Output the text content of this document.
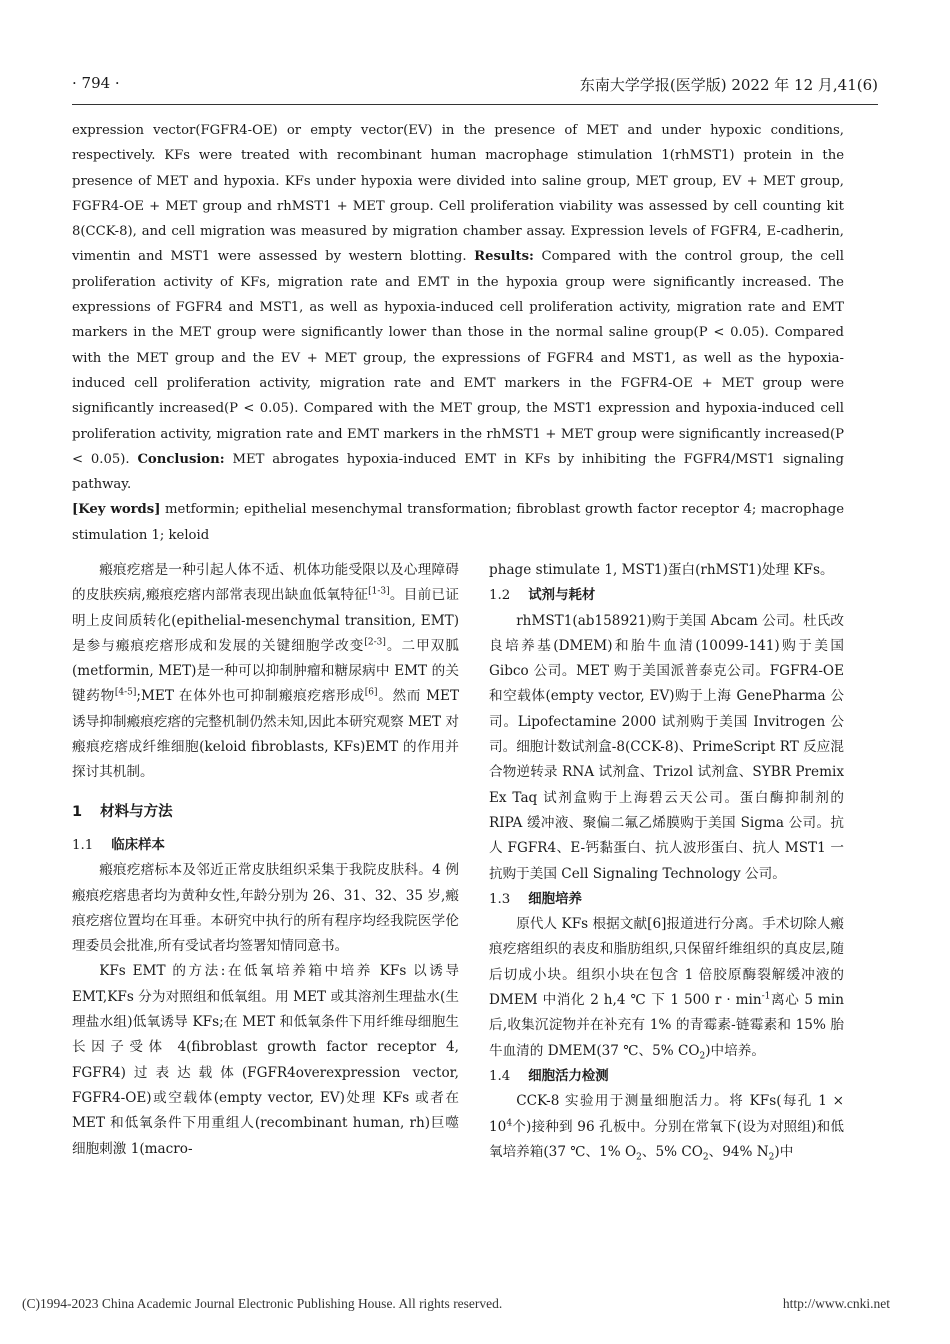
· 794 ·	东南大学学报(医学版) 2022 年 12 月,41(6)

expression vector(FGFR4-OE) or empty vector(EV) in the presence of MET and under hypoxic conditions, respectively. KFs were treated with recombinant human macrophage stimulation 1(rhMST1) protein in the presence of MET and hypoxia. KFs under hypoxia were divided into saline group, MET group, EV + MET group, FGFR4-OE + MET group and rhMST1 + MET group. Cell proliferation viability was assessed by cell counting kit 8(CCK-8), and cell migration was measured by migration chamber assay. Expression levels of FGFR4, E-cadherin, vimentin and MST1 were assessed by western blotting. Results: Compared with the control group, the cell proliferation activity of KFs, migration rate and EMT in the hypoxia group were significantly increased. The expressions of FGFR4 and MST1, as well as hypoxia-induced cell proliferation activity, migration rate and EMT markers in the MET group were significantly lower than those in the normal saline group(P < 0.05). Compared with the MET group and the EV + MET group, the expressions of FGFR4 and MST1, as well as the hypoxia-induced cell proliferation activity, migration rate and EMT markers in the FGFR4-OE + MET group were significantly increased(P < 0.05). Compared with the MET group, the MST1 expression and hypoxia-induced cell proliferation activity, migration rate and EMT markers in the rhMST1 + MET group were significantly increased(P < 0.05). Conclusion: MET abrogates hypoxia-induced EMT in KFs by inhibiting the FGFR4/MST1 signaling pathway.

[Key words] metformin; epithelial mesenchymal transformation; fibroblast growth factor receptor 4; macrophage stimulation 1; keloid

瘢痕疙瘩是一种引起人体不适、机体功能受限以及心理障碍的皮肤疾病,瘢痕疙瘩内部常表现出缺血低氧特征[1-3]。目前已证明上皮间质转化(epithelial-mesenchymal transition, EMT)是参与瘢痕疙瘩形成和发展的关键细胞学改变[2-3]。二甲双胍(metformin, MET)是一种可以抑制肿瘤和糖尿病中 EMT 的关键药物[4-5];MET 在体外也可抑制瘢痕疙瘩形成[6]。然而 MET 诱导抑制瘢痕疙瘩的完整机制仍然未知,因此本研究观察 MET 对瘢痕疙瘩成纤维细胞(keloid fibroblasts, KFs)EMT 的作用并探讨其机制。

1 材料与方法
1.1 临床样本

瘢痕疙瘩标本及邻近正常皮肤组织采集于我院皮肤科。4 例瘢痕疙瘩患者均为黄种女性,年龄分别为 26、31、32、35 岁,瘢痕疙瘩位置均在耳垂。本研究中执行的所有程序均经我院医学伦理委员会批准,所有受试者均签署知情同意书。

KFs EMT 的方法:在低氧培养箱中培养 KFs 以诱导 EMT,KFs 分为对照组和低氧组。用 MET 或其溶剂生理盐水(生理盐水组)低氧诱导 KFs;在 MET 和低氧条件下用纤维母细胞生长因子受体 4(fibroblast growth factor receptor 4, FGFR4)过表达载体(FGFR4overexpression vector, FGFR4-OE)或空载体(empty vector, EV)处理 KFs 或者在 MET 和低氧条件下用重组人(recombinant human, rh)巨噬细胞刺激 1(macro-

phage stimulate 1, MST1)蛋白(rhMST1)处理 KFs。

1.2 试剂与耗材

rhMST1(ab158921)购于美国 Abcam 公司。杜氏改良培养基(DMEM)和胎牛血清(10099-141)购于美国 Gibco 公司。MET 购于美国派普泰克公司。FGFR4-OE 和空载体(empty vector, EV)购于上海 GenePharma 公司。Lipofectamine 2000 试剂购于美国 Invitrogen 公司。细胞计数试剂盒-8(CCK-8)、PrimeScript RT 反应混合物逆转录 RNA 试剂盒、Trizol 试剂盒、SYBR Premix Ex Taq 试剂盒购于上海碧云天公司。蛋白酶抑制剂的 RIPA 缓冲液、聚偏二氟乙烯膜购于美国 Sigma 公司。抗人 FGFR4、E-钙黏蛋白、抗人波形蛋白、抗人 MST1 一抗购于美国 Cell Signaling Technology 公司。

1.3 细胞培养

原代人 KFs 根据文献[6]报道进行分离。手术切除人瘢痕疙瘩组织的表皮和脂肪组织,只保留纤维组织的真皮层,随后切成小块。组织小块在包含 1 倍胶原酶裂解缓冲液的 DMEM 中消化 2 h,4 ℃ 下 1 500 $r \cdot \min^{-1}$离心 5 min 后,收集沉淀物并在补充有 1% 的青霉素-链霉素和 15% 胎牛血清的 DMEM(37 ℃、5% $CO_2$)中培养。

1.4 细胞活力检测

CCK-8 实验用于测量细胞活力。将 KFs(每孔 $1 \times 10^4$个)接种到 96 孔板中。分别在常氧下(设为对照组)和低氧培养箱(37 ℃、1% $O_2$、5% $CO_2$、94% $N_2$)中

(C)1994-2023 China Academic Journal Electronic Publishing House. All rights reserved.	http://www.cnki.net
